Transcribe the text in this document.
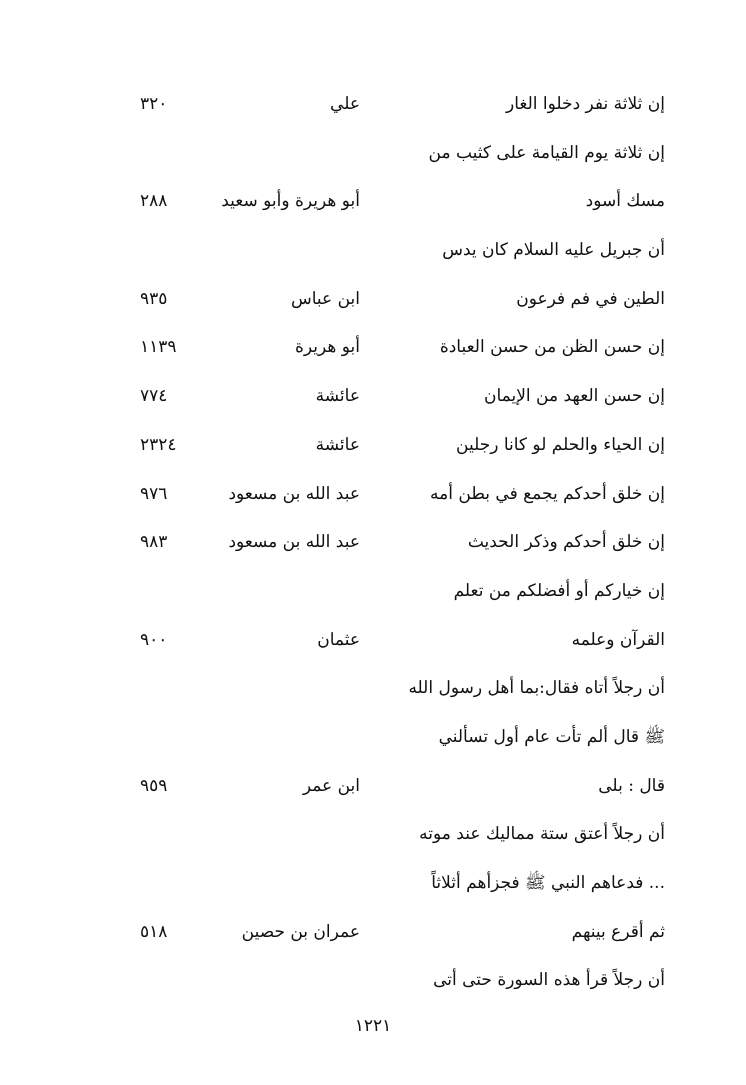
إن ثلاثة نفر دخلوا الغار
علي
٣٢٠
إن ثلاثة يوم القيامة على كثيب من
مسك أسود
أبو هريرة وأبو سعيد
٢٨٨
أن جبريل عليه السلام كان يدس
الطين في فم فرعون
ابن عباس
٩٣٥
إن حسن الظن من حسن العبادة
أبو هريرة
١١٣٩
إن حسن العهد من الإيمان
عائشة
٧٧٤
إن الحياء والحلم لو كانا رجلين
عائشة
٢٣٢٤
إن خلق أحدكم يجمع في بطن أمه
عبد الله بن مسعود
٩٧٦
إن خلق أحدكم وذكر الحديث
عبد الله بن مسعود
٩٨٣
إن خياركم أو أفضلكم من تعلم
القرآن وعلمه
عثمان
٩٠٠
أن رجلاً أتاه فقال:بما أهل رسول الله
ﷺ قال ألم تأت عام أول تسألني
قال : بلى
ابن عمر
٩٥٩
أن رجلاً أعتق ستة مماليك عند موته
... فدعاهم النبي ﷺ فجزأهم أثلاثاً
ثم أقرع بينهم
عمران بن حصين
٥١٨
أن رجلاً قرأ هذه السورة حتى أتى
١٢٢١
